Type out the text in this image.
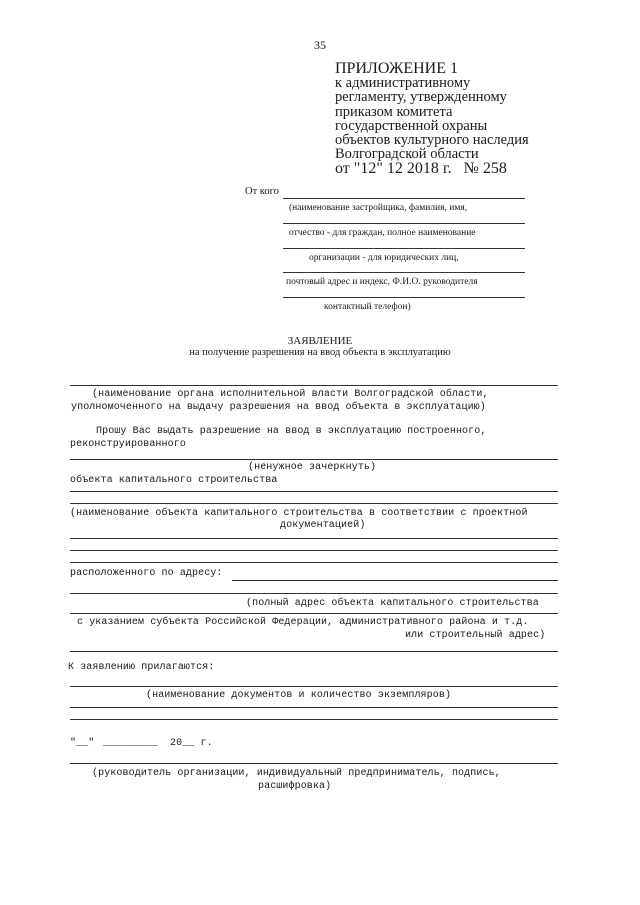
35
ПРИЛОЖЕНИЕ 1
к административному
регламенту, утвержденному
приказом комитета
государственной охраны
объектов культурного наследия
Волгоградской области
от "12" 12 2018 г. № 258
От кого
(наименование застройщика, фамилия, имя,
отчество - для граждан, полное наименование
организации - для юридических лиц,
почтовый адрес и индекс, Ф.И.О. руководителя
контактный телефон)
ЗАЯВЛЕНИЕ
на получение разрешения на ввод объекта в эксплуатацию
(наименование органа исполнительной власти Волгоградской области,
уполномоченного на выдачу разрешения на ввод объекта в эксплуатацию)
Прошу Вас выдать разрешение на ввод в эксплуатацию построенного,
реконструированного
(ненужное зачеркнуть)
объекта капитального строительства
(наименование объекта капитального строительства в соответствии с проектной
документацией)
расположенного по адресу:
(полный адрес объекта капитального строительства
с указанием субъекта Российской Федерации, административного района и т.д.
или строительный адрес)
К заявлению прилагаются:
(наименование документов и количество экземпляров)
"__" _________ 20__ г.
(руководитель организации, индивидуальный предприниматель, подпись,
расшифровка)
